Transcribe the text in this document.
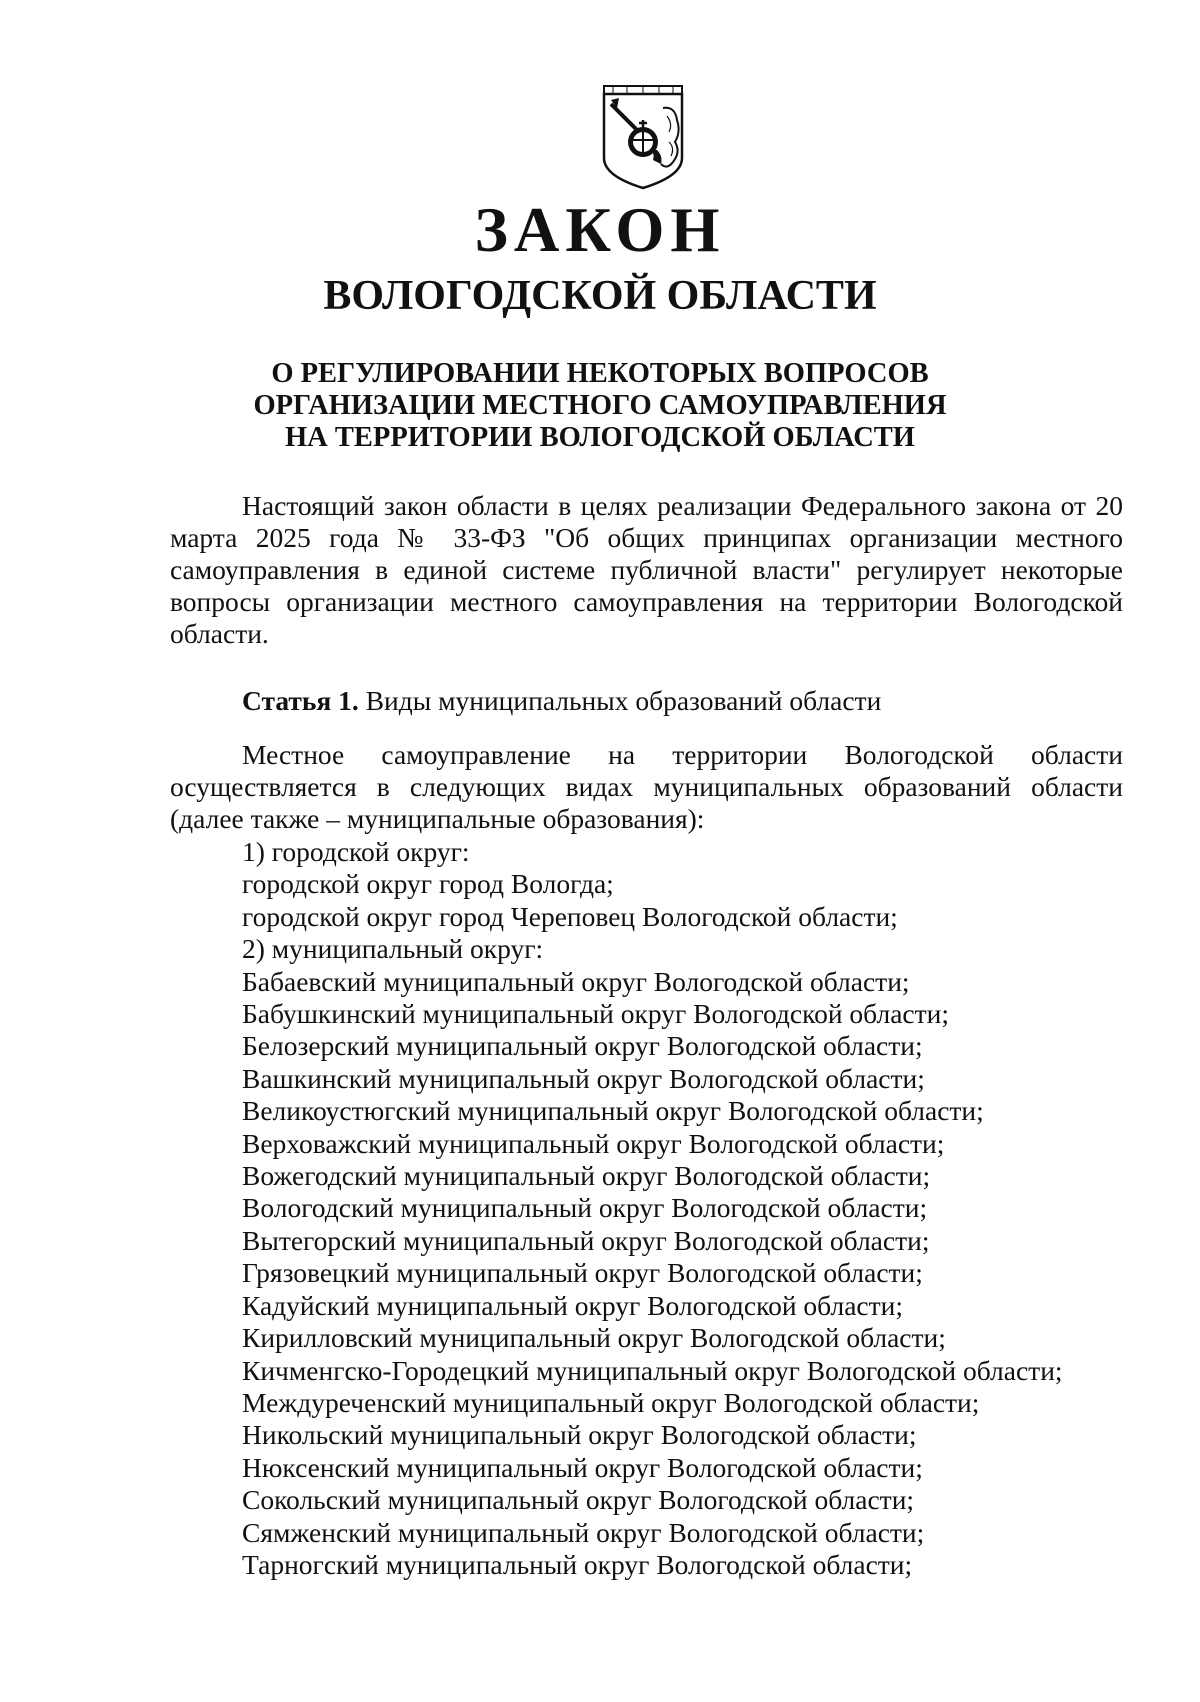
ЗАКОН
ВОЛОГОДСКОЙ ОБЛАСТИ
О РЕГУЛИРОВАНИИ НЕКОТОРЫХ ВОПРОСОВ
ОРГАНИЗАЦИИ МЕСТНОГО САМОУПРАВЛЕНИЯ
НА ТЕРРИТОРИИ ВОЛОГОДСКОЙ ОБЛАСТИ

Настоящий закон области в целях реализации Федерального закона от 20 марта 2025 года № 33-ФЗ "Об общих принципах организации местного самоуправления в единой системе публичной власти" регулирует некоторые вопросы организации местного самоуправления на территории Вологодской области.

Статья 1. Виды муниципальных образований области

Местное самоуправление на территории Вологодской области осуществляется в следующих видах муниципальных образований области (далее также – муниципальные образования):

1) городской округ:
городской округ город Вологда;
городской округ город Череповец Вологодской области;
2) муниципальный округ:
Бабаевский муниципальный округ Вологодской области;
Бабушкинский муниципальный округ Вологодской области;
Белозерский муниципальный округ Вологодской области;
Вашкинский муниципальный округ Вологодской области;
Великоустюгский муниципальный округ Вологодской области;
Верховажский муниципальный округ Вологодской области;
Вожегодский муниципальный округ Вологодской области;
Вологодский муниципальный округ Вологодской области;
Вытегорский муниципальный округ Вологодской области;
Грязовецкий муниципальный округ Вологодской области;
Кадуйский муниципальный округ Вологодской области;
Кирилловский муниципальный округ Вологодской области;
Кичменгско-Городецкий муниципальный округ Вологодской области;
Междуреченский муниципальный округ Вологодской области;
Никольский муниципальный округ Вологодской области;
Нюксенский муниципальный округ Вологодской области;
Сокольский муниципальный округ Вологодской области;
Сямженский муниципальный округ Вологодской области;
Тарногский муниципальный округ Вологодской области;
